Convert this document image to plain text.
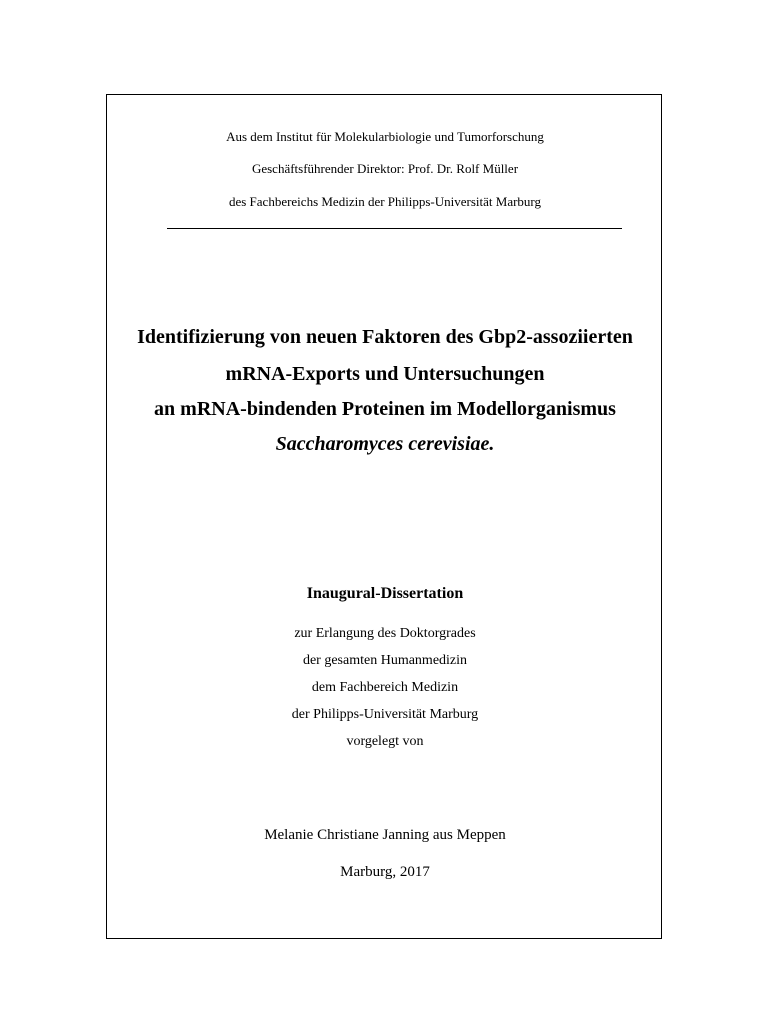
Aus dem Institut für Molekularbiologie und Tumorforschung
Geschäftsführender Direktor: Prof. Dr. Rolf Müller
des Fachbereichs Medizin der Philipps-Universität Marburg
Identifizierung von neuen Faktoren des Gbp2-assoziierten
mRNA-Exports und Untersuchungen
an mRNA-bindenden Proteinen im Modellorganismus
Saccharomyces cerevisiae.
Inaugural-Dissertation
zur Erlangung des Doktorgrades
der gesamten Humanmedizin
dem Fachbereich Medizin
der Philipps-Universität Marburg
vorgelegt von
Melanie Christiane Janning aus Meppen
Marburg, 2017
